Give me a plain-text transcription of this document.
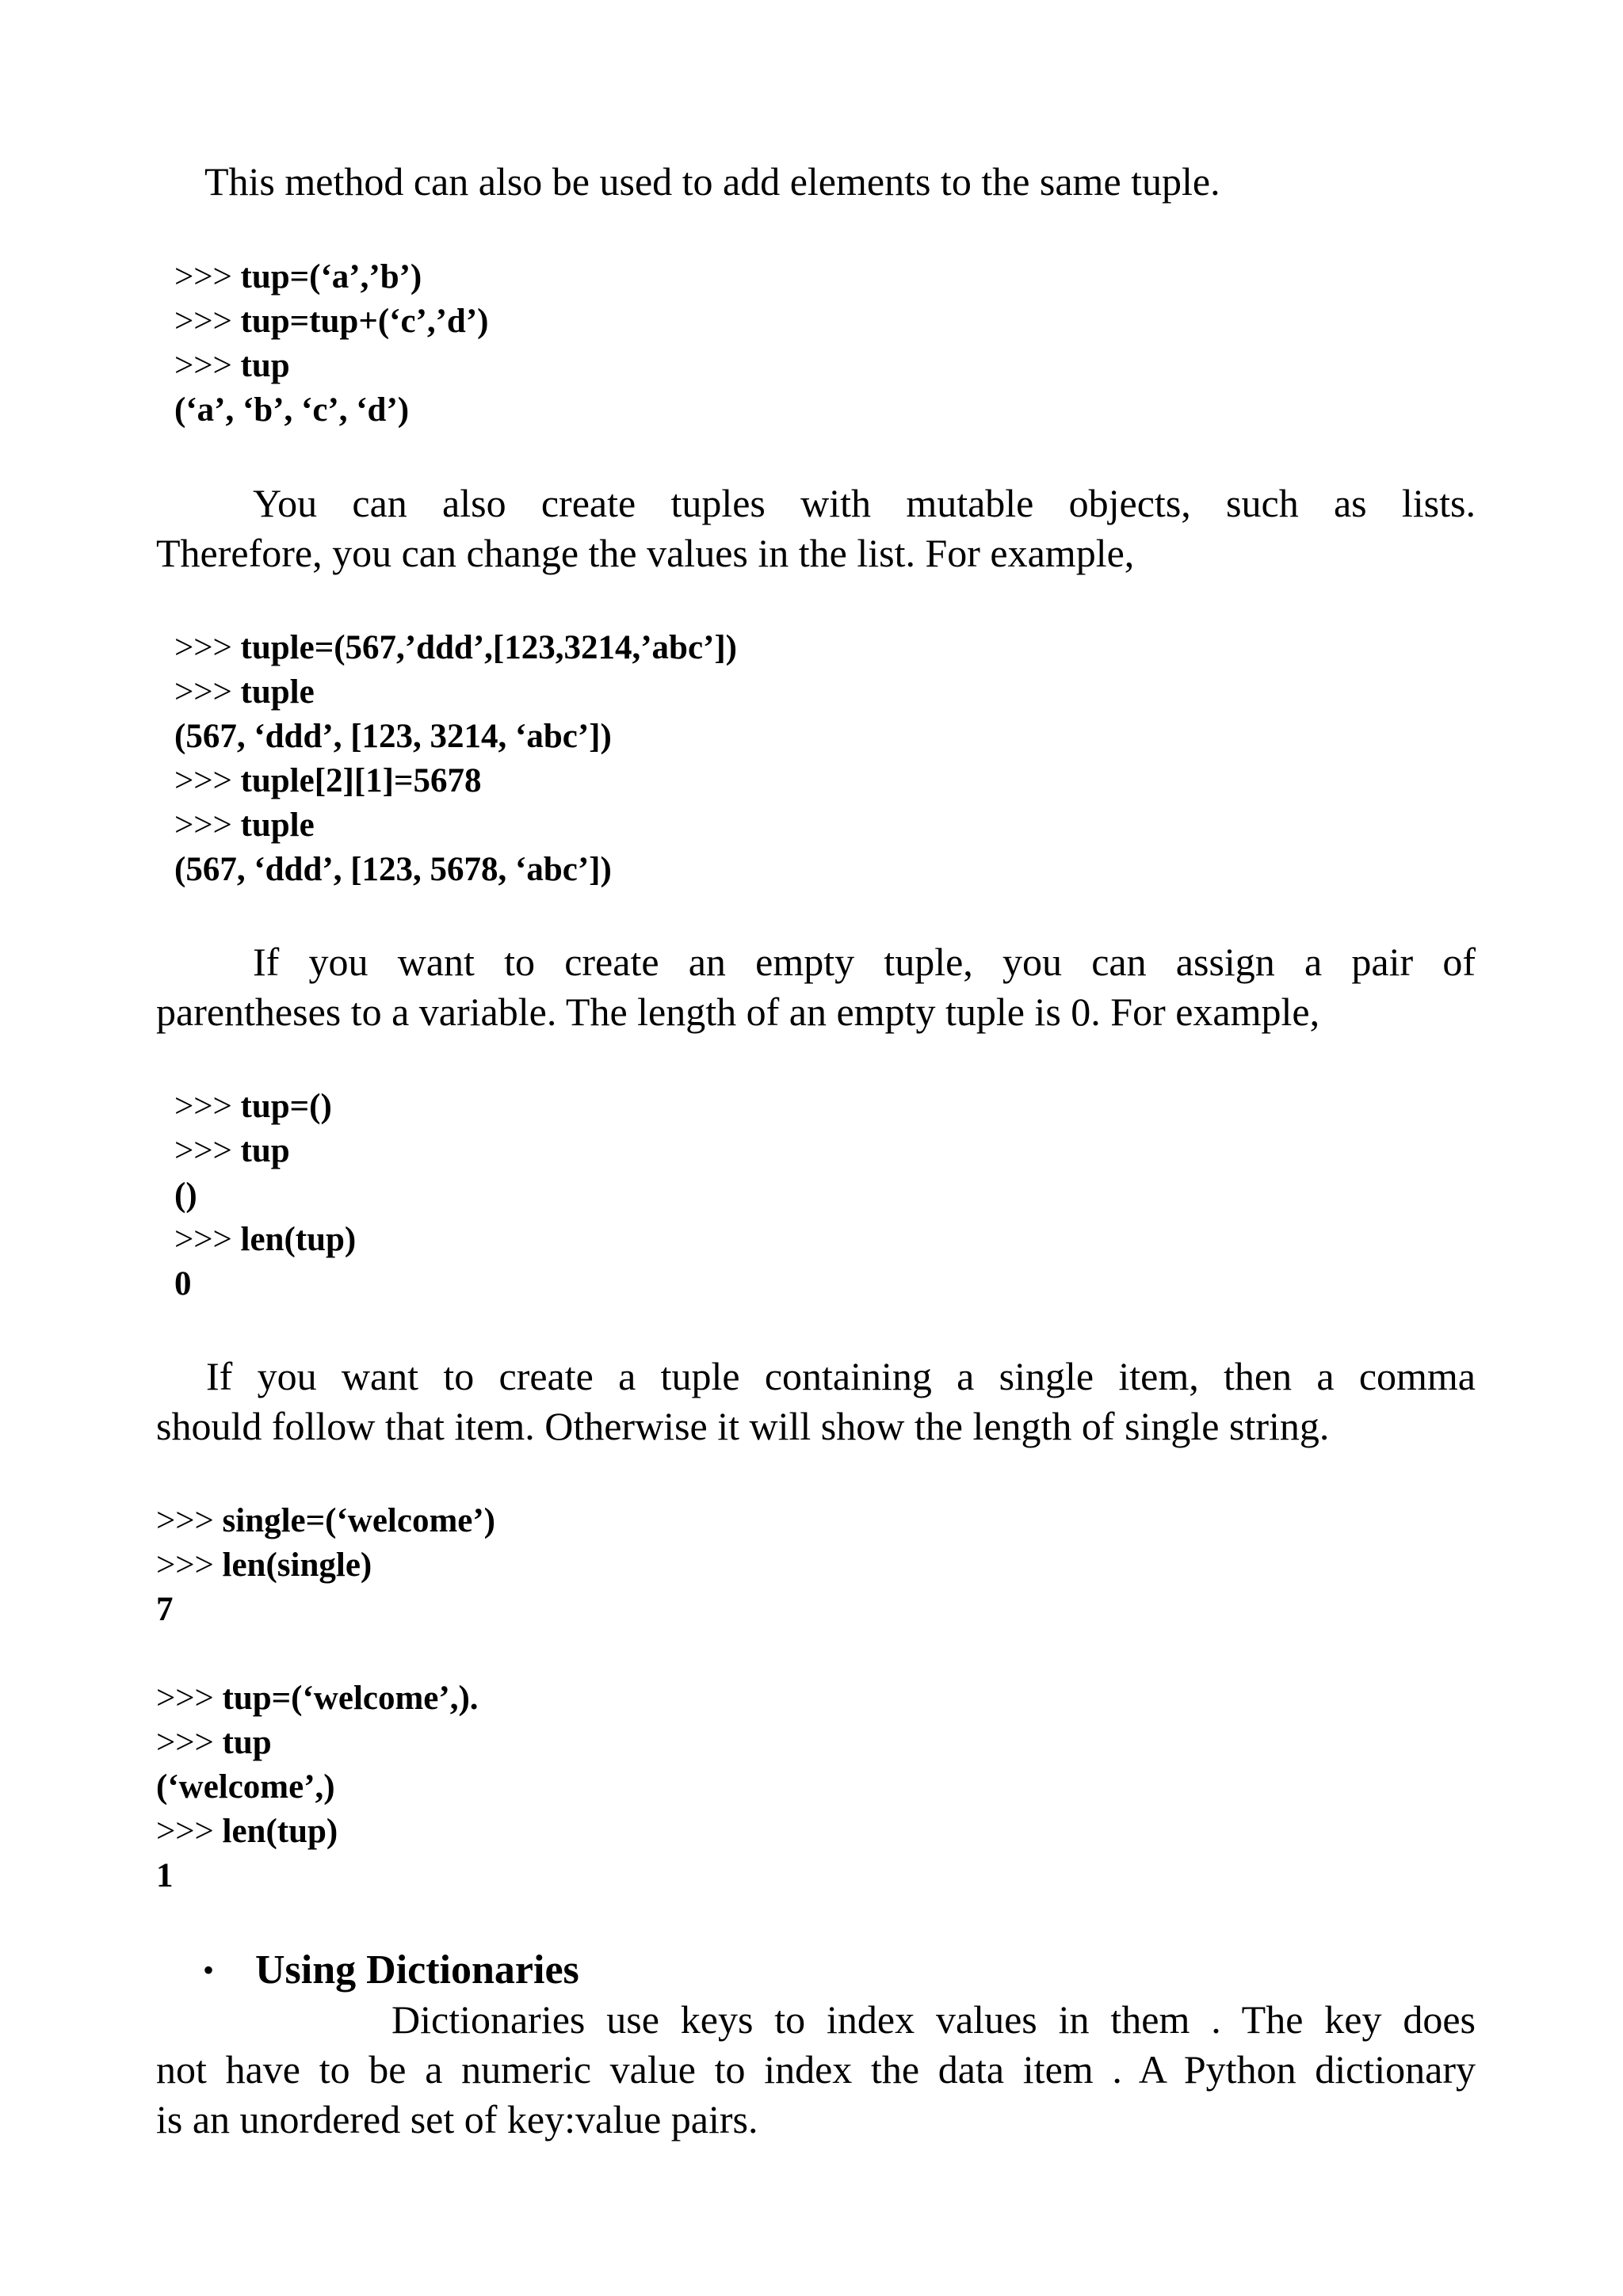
This method can also be used to add elements to the same tuple.

>>> tup=(‘a’,’b’)
>>> tup=tup+(‘c’,’d’)
>>> tup
(‘a’, ‘b’, ‘c’, ‘d’)

You can also create tuples with mutable objects, such as lists.
Therefore, you can change the values in the list. For example,

>>> tuple=(567,’ddd’,[123,3214,’abc’])
>>> tuple
(567, ‘ddd’, [123, 3214, ‘abc’])
>>> tuple[2][1]=5678
>>> tuple
(567, ‘ddd’, [123, 5678, ‘abc’])

If you want to create an empty tuple, you can assign a pair of
parentheses to a variable. The length of an empty tuple is 0. For example,

>>> tup=()
>>> tup
()
>>> len(tup)
0

If you want to create a tuple containing a single item, then a comma
should follow that item. Otherwise it will show the length of single string.

>>> single=(‘welcome’)
>>> len(single)
7
>>> tup=(‘welcome’,).
>>> tup
(‘welcome’,)
>>> len(tup)
1
• Using Dictionaries

Dictionaries use keys to index values in them . The key does
not have to be a numeric value to index the data item . A Python dictionary
is an unordered set of key:value pairs.
